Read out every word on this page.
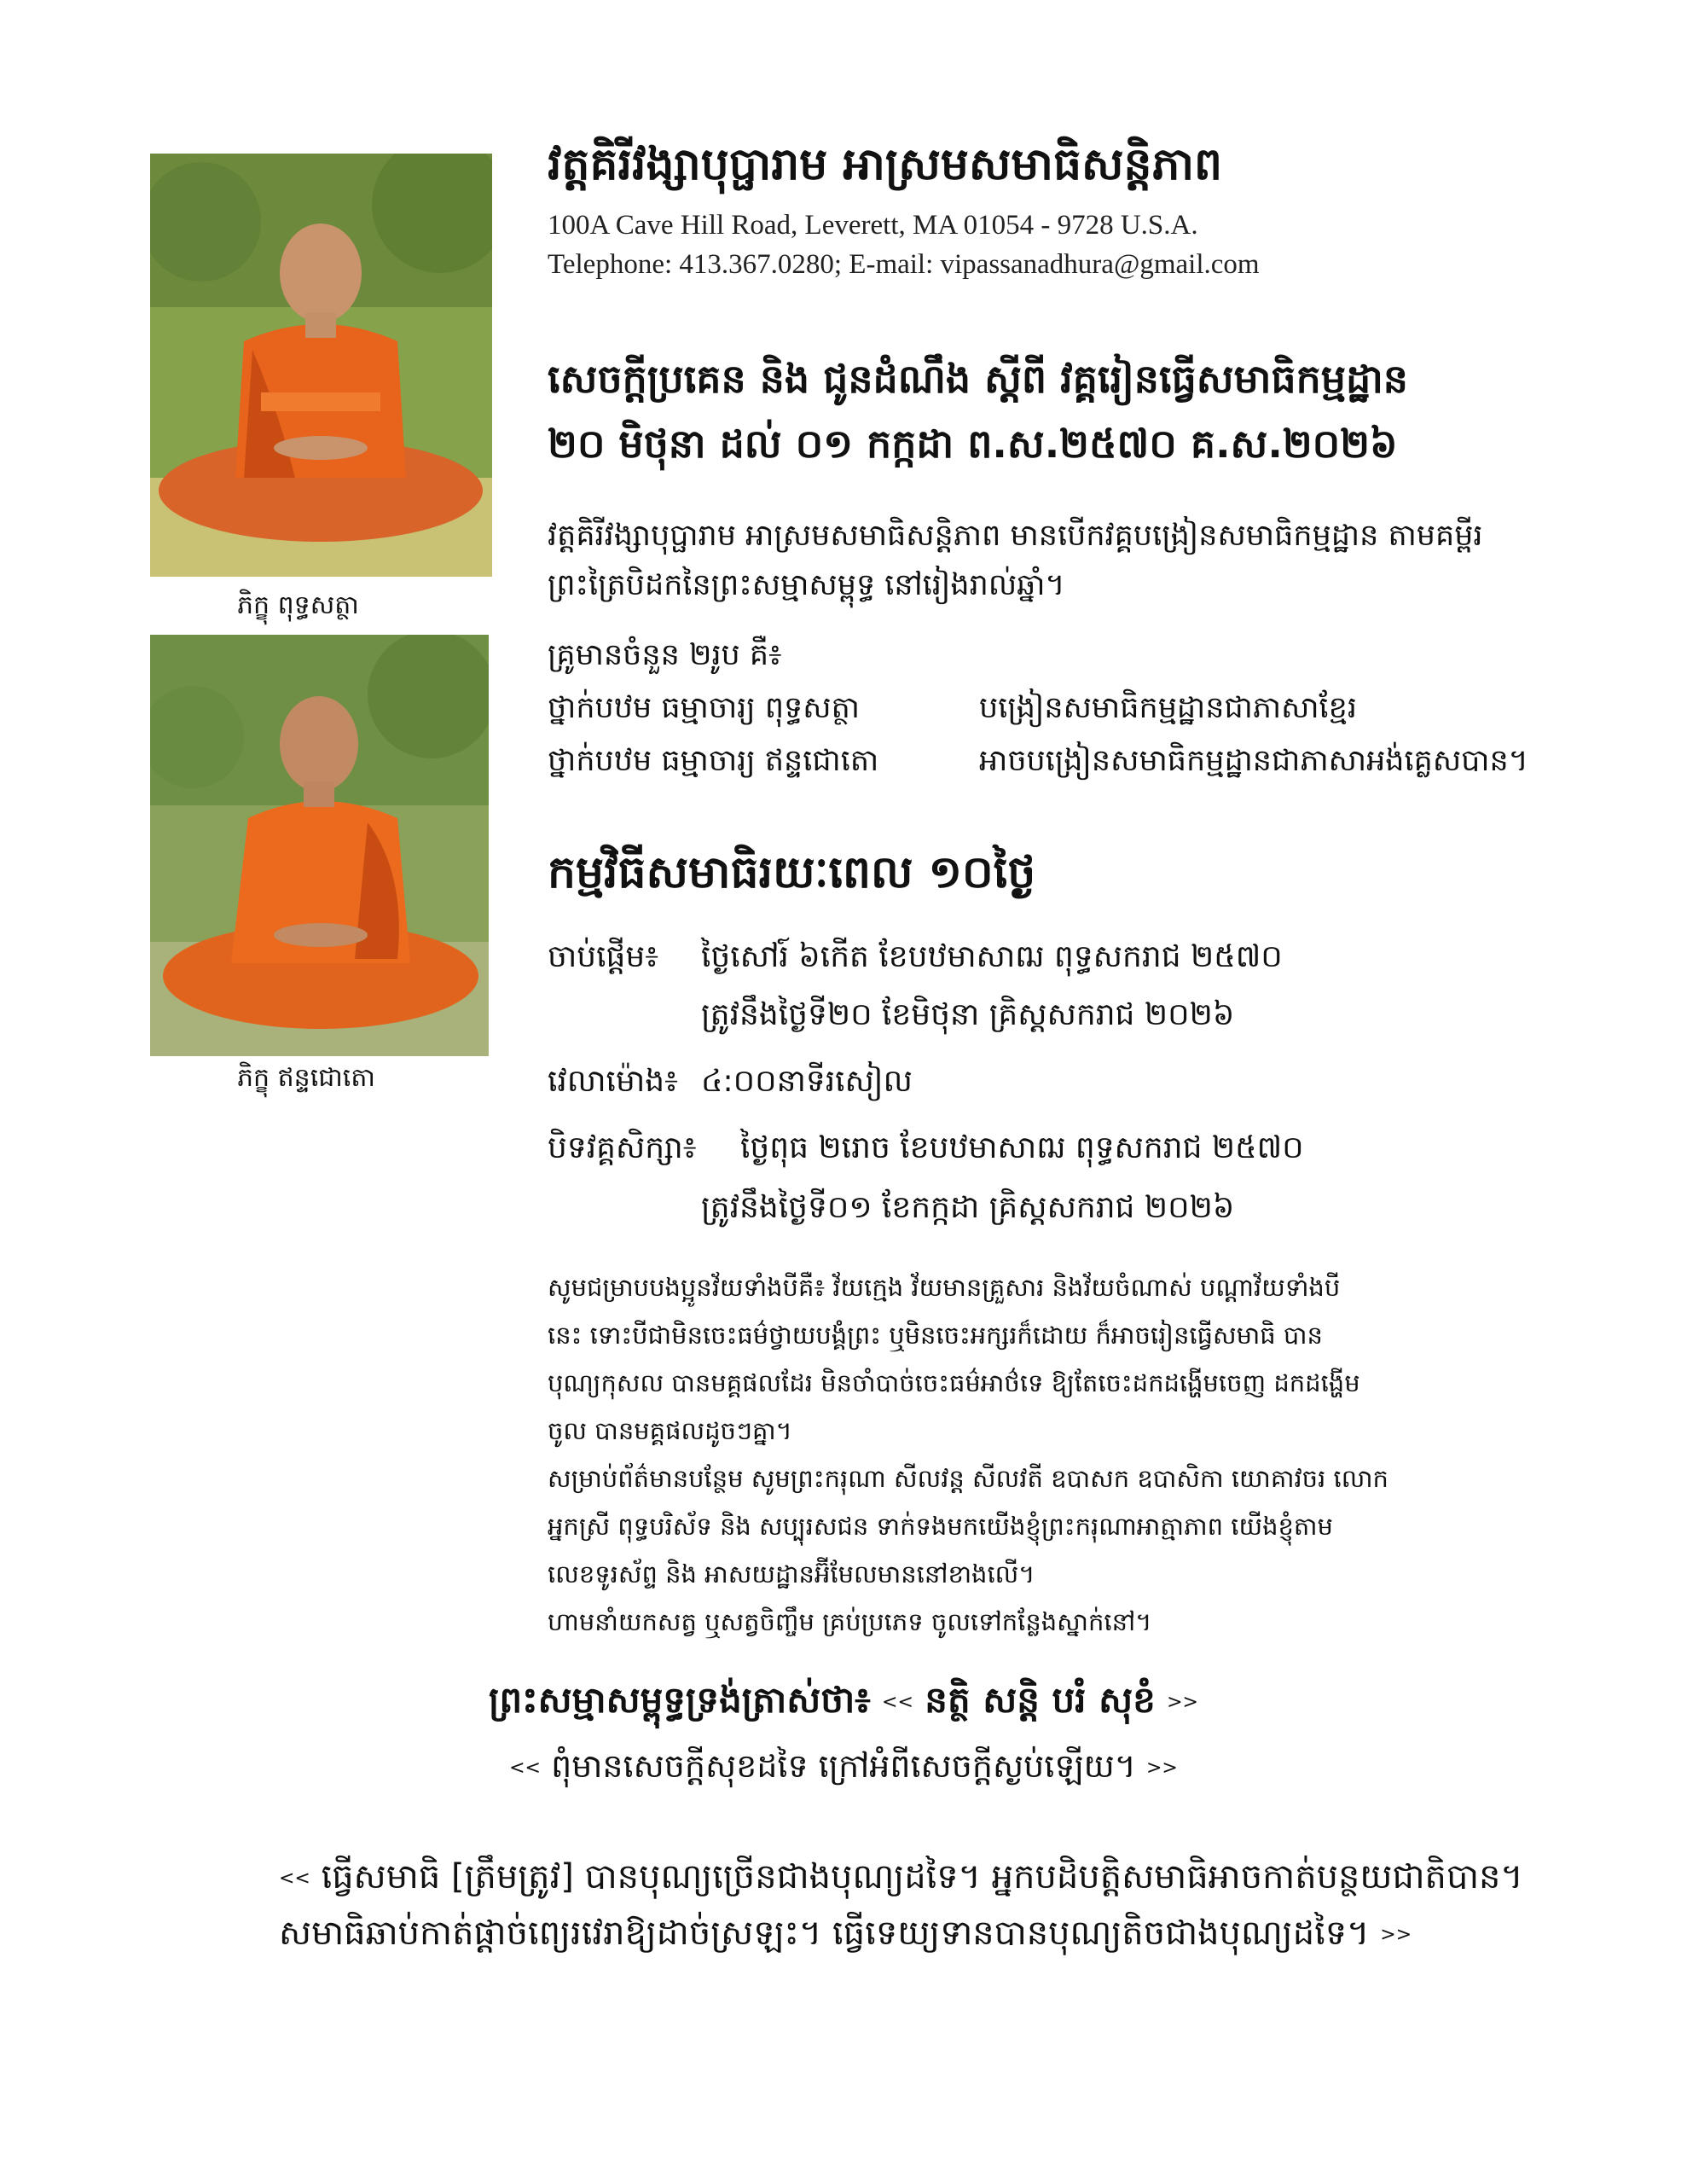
ភិក្ខុ ពុទ្ធសត្ថា
ភិក្ខុ ឥន្ទជោតោ
វត្តគិរីវង្សាបុប្ផារាម អាស្រមសមាធិសន្តិភាព
100A Cave Hill Road, Leverett, MA 01054 - 9728 U.S.A.
Telephone: 413.367.0280; E-mail: vipassanadhura@gmail.com
សេចក្តីប្រគេន និង ជូនដំណឹង ស្តីពី វគ្គរៀនធ្វើសមាធិកម្មដ្ឋាន
២០ មិថុនា ដល់ ០១ កក្កដា ព.ស.២៥៧០ គ.ស.២០២៦
វត្តគិរីវង្សាបុប្ផារាម អាស្រមសមាធិសន្តិភាព មានបើកវគ្គបង្រៀនសមាធិកម្មដ្ឋាន តាមគម្ពីរ
ព្រះត្រៃបិដកនៃព្រះសម្មាសម្ពុទ្ធ នៅរៀងរាល់ឆ្នាំ។
គ្រូមានចំនួន ២រូប គឺ៖
ថ្នាក់បឋម ធម្មាចារ្យ ពុទ្ធសត្ថា	បង្រៀនសមាធិកម្មដ្ឋានជាភាសាខ្មែរ
ថ្នាក់បឋម ធម្មាចារ្យ ឥន្ទជោតោ	អាចបង្រៀនសមាធិកម្មដ្ឋានជាភាសាអង់គ្លេសបាន។
កម្មវិធីសមាធិរយៈពេល ១០ថ្ងៃ
ចាប់ផ្តើម៖ ថ្ងៃសៅរ៍ ៦កើត ខែបឋមាសាឍ ពុទ្ធសករាជ ២៥៧០
ត្រូវនឹងថ្ងៃទី២០ ខែមិថុនា គ្រិស្តសករាជ ២០២៦
វេលាម៉ោង៖ ៤:០០នាទីរសៀល
បិទវគ្គសិក្សា៖ ថ្ងៃពុធ ២រោច ខែបឋមាសាឍ ពុទ្ធសករាជ ២៥៧០
ត្រូវនឹងថ្ងៃទី០១ ខែកក្កដា គ្រិស្តសករាជ ២០២៦
សូមជម្រាបបងប្អូនវ័យទាំងបីគឺ៖ វ័យក្មេង វ័យមានគ្រួសារ និងវ័យចំណាស់ បណ្តាវ័យទាំងបី
នេះ ទោះបីជាមិនចេះធម៌ថ្វាយបង្គំព្រះ ឬមិនចេះអក្សរក៏ដោយ ក៏អាចរៀនធ្វើសមាធិ បាន
បុណ្យកុសល បានមគ្គផលដែរ មិនចាំបាច់ចេះធម៌អាថ៌ទេ ឱ្យតែចេះដកដង្ហើមចេញ ដកដង្ហើម
ចូល បានមគ្គផលដូចៗគ្នា។
សម្រាប់ព័ត៌មានបន្ថែម សូមព្រះករុណា សីលវន្ត សីលវតី ឧបាសក ឧបាសិកា យោគាវចរ លោក
អ្នកស្រី ពុទ្ធបរិស័ទ និង សប្បុរសជន ទាក់ទងមកយើងខ្ញុំព្រះករុណាអាត្មាភាព យើងខ្ញុំតាម
លេខទូរស័ព្ទ និង អាសយដ្ឋានអ៊ីមែលមាននៅខាងលើ។
ហាមនាំយកសត្វ ឬសត្វចិញ្ចឹម គ្រប់ប្រភេទ ចូលទៅកន្លែងស្នាក់នៅ។
ព្រះសម្មាសម្ពុទ្ធទ្រង់ត្រាស់ថា៖ << នត្ថិ សន្តិ បរំ សុខំ >>
<< ពុំមានសេចក្តីសុខដទៃ ក្រៅអំពីសេចក្តីស្ងប់ឡើយ។ >>
<< ធ្វើសមាធិ [ត្រឹមត្រូវ] បានបុណ្យច្រើនជាងបុណ្យដទៃ។ អ្នកបដិបត្តិសមាធិអាចកាត់បន្ថយជាតិបាន។
សមាធិឆាប់កាត់ផ្តាច់ព្យេរវេរាឱ្យដាច់ស្រឡះ។ ធ្វើទេយ្យទានបានបុណ្យតិចជាងបុណ្យដទៃ។ >>
